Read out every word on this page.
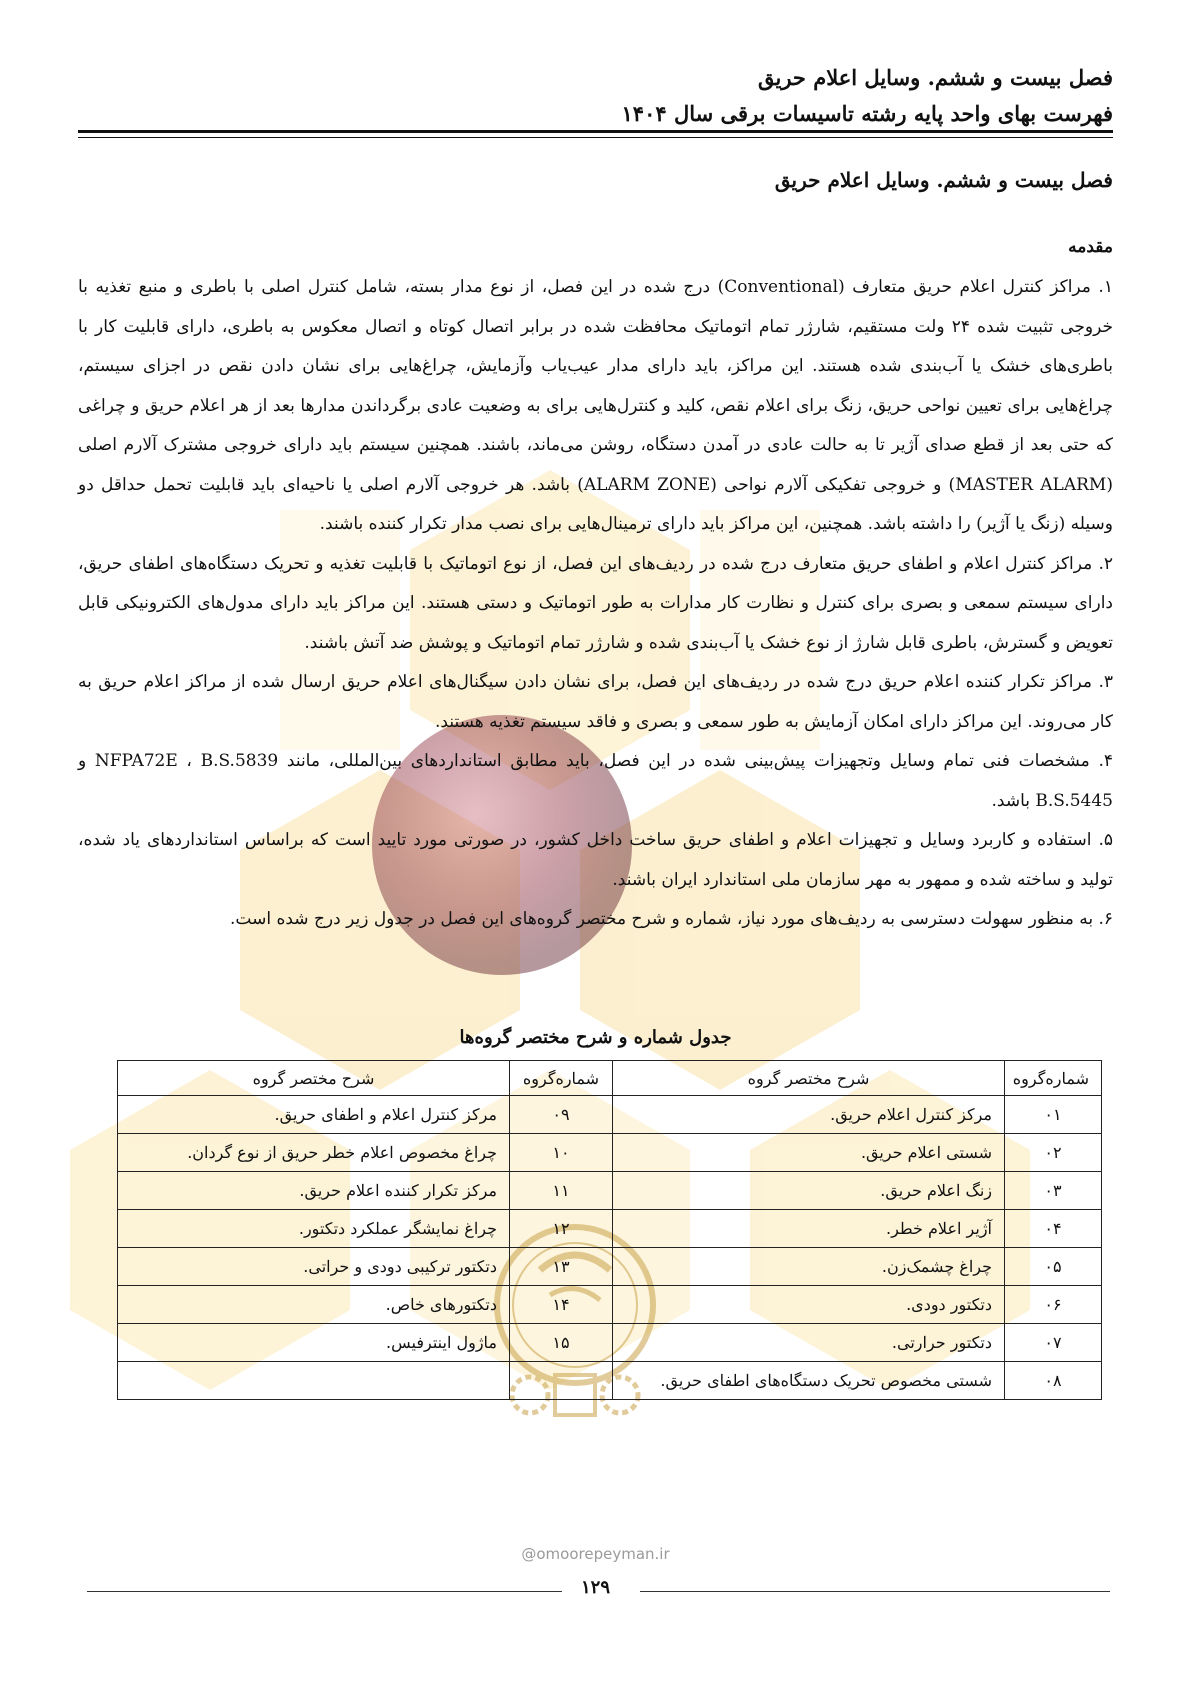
@omoorepeyman.ir
فصل بیست و ششم. وسایل اعلام حریق
فهرست بهای واحد پایه رشته تاسیسات برقی سال ۱۴۰۴
فصل بیست و ششم. وسایل اعلام حریق
مقدمه

۱. مراکز کنترل اعلام حریق متعارف (Conventional) درج شده در این فصل، از نوع مدار بسته، شامل کنترل اصلی با باطری و منبع تغذیه با خروجی تثبیت شده ۲۴ ولت مستقیم، شارژر تمام اتوماتیک محافظت شده در برابر اتصال کوتاه و اتصال معکوس به باطری، دارای قابلیت کار با باطری‌های خشک یا آب‌بندی شده هستند. این مراکز، باید دارای مدار عیب‌یاب وآزمایش، چراغ‌هایی برای نشان دادن نقص در اجزای سیستم، چراغ‌هایی برای تعیین نواحی حریق، زنگ برای اعلام نقص، کلید و کنترل‌هایی برای به وضعیت عادی برگرداندن مدارها بعد از هر اعلام حریق و چراغی که حتی بعد از قطع صدای آژیر تا به حالت عادی در آمدن دستگاه، روشن می‌ماند، باشند. همچنین سیستم باید دارای خروجی مشترک آلارم اصلی (MASTER ALARM) و خروجی تفکیکی آلارم نواحی (ALARM ZONE) باشد. هر خروجی آلارم اصلی یا ناحیه‌ای باید قابلیت تحمل حداقل دو وسیله (زنگ یا آژیر) را داشته باشد. همچنین، این مراکز باید دارای ترمینال‌هایی برای نصب مدار تکرار کننده باشند.

۲. مراکز کنترل اعلام و اطفای حریق متعارف درج شده در ردیف‌های این فصل، از نوع اتوماتیک با قابلیت تغذیه و تحریک دستگاه‌های اطفای حریق، دارای سیستم سمعی و بصری برای کنترل و نظارت کار مدارات به طور اتوماتیک و دستی هستند. این مراکز باید دارای مدول‌های الکترونیکی قابل تعویض و گسترش، باطری قابل شارژ از نوع خشک یا آب‌بندی شده و شارژر تمام اتوماتیک و پوشش ضد آتش باشند.

۳. مراکز تکرار کننده اعلام حریق درج شده در ردیف‌های این فصل، برای نشان دادن سیگنال‌های اعلام حریق ارسال شده از مراکز اعلام حریق به کار می‌روند. این مراکز دارای امکان آزمایش به طور سمعی و بصری و فاقد سیستم تغذیه هستند.

۴. مشخصات فنی تمام وسایل وتجهیزات پیش‌بینی شده در این فصل، باید مطابق استانداردهای بین‌المللی، مانند NFPA72E ، B.S.5839 و B.S.5445 باشد.

۵. استفاده و کاربرد وسایل و تجهیزات اعلام و اطفای حریق ساخت داخل کشور، در صورتی مورد تایید است که براساس استانداردهای یاد شده، تولید و ساخته شده و ممهور به مهر سازمان ملی استاندارد ایران باشند.

۶. به منظور سهولت دسترسی به ردیف‌های مورد نیاز، شماره و شرح مختصر گروه‌های این فصل در جدول زیر درج شده است.

جدول شماره و شرح مختصر گروه‌ها
شماره‌گروه	شرح مختصر گروه	شماره‌گروه	شرح مختصر گروه
۰۱	مرکز کنترل اعلام حریق.	۰۹	مرکز کنترل اعلام و اطفای حریق.
۰۲	شستی اعلام حریق.	۱۰	چراغ مخصوص اعلام خطر حریق از نوع گردان.
۰۳	زنگ اعلام حریق.	۱۱	مرکز تکرار کننده اعلام حریق.
۰۴	آژیر اعلام خطر.	۱۲	چراغ نمایشگر عملکرد دتکتور.
۰۵	چراغ چشمک‌زن.	۱۳	دتکتور ترکیبی دودی و حراتی.
۰۶	دتکتور دودی.	۱۴	دتکتورهای خاص.
۰۷	دتکتور حرارتی.	۱۵	ماژول اینترفیس.
۰۸	شستی مخصوص تحریک دستگاه‌های اطفای حریق.		
۱۲۹
